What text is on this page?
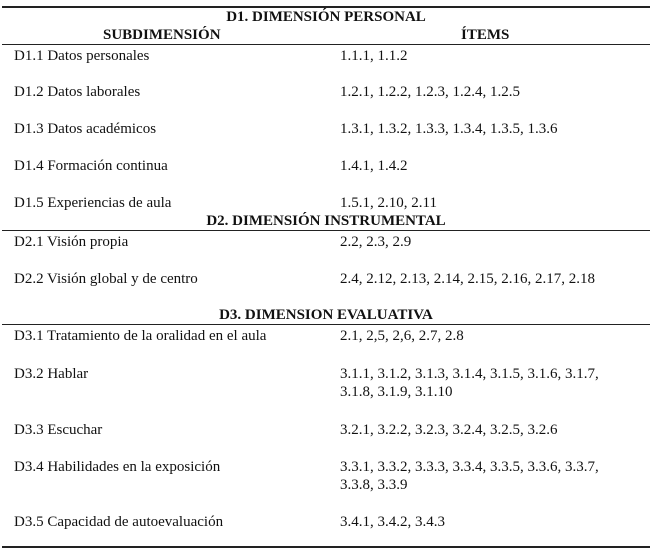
D1. DIMENSIÓN PERSONAL
SUBDIMENSIÓN	ÍTEMS
D1.1 Datos personales	1.1.1, 1.1.2
D1.2 Datos laborales	1.2.1, 1.2.2, 1.2.3, 1.2.4, 1.2.5
D1.3 Datos académicos	1.3.1, 1.3.2, 1.3.3, 1.3.4, 1.3.5, 1.3.6
D1.4 Formación continua	1.4.1, 1.4.2
D1.5 Experiencias de aula	1.5.1, 2.10, 2.11
D2. DIMENSIÓN INSTRUMENTAL
D2.1 Visión propia	2.2, 2.3, 2.9
D2.2 Visión global y de centro	2.4, 2.12, 2.13, 2.14, 2.15, 2.16, 2.17, 2.18
D3. DIMENSION EVALUATIVA
D3.1 Tratamiento de la oralidad en el aula	2.1, 2,5, 2,6, 2.7, 2.8
D3.2 Hablar	3.1.1, 3.1.2, 3.1.3, 3.1.4, 3.1.5, 3.1.6, 3.1.7,
3.1.8, 3.1.9, 3.1.10
D3.3 Escuchar	3.2.1, 3.2.2, 3.2.3, 3.2.4, 3.2.5, 3.2.6
D3.4 Habilidades en la exposición	3.3.1, 3.3.2, 3.3.3, 3.3.4, 3.3.5, 3.3.6, 3.3.7,
3.3.8, 3.3.9
D3.5 Capacidad de autoevaluación	3.4.1, 3.4.2, 3.4.3
